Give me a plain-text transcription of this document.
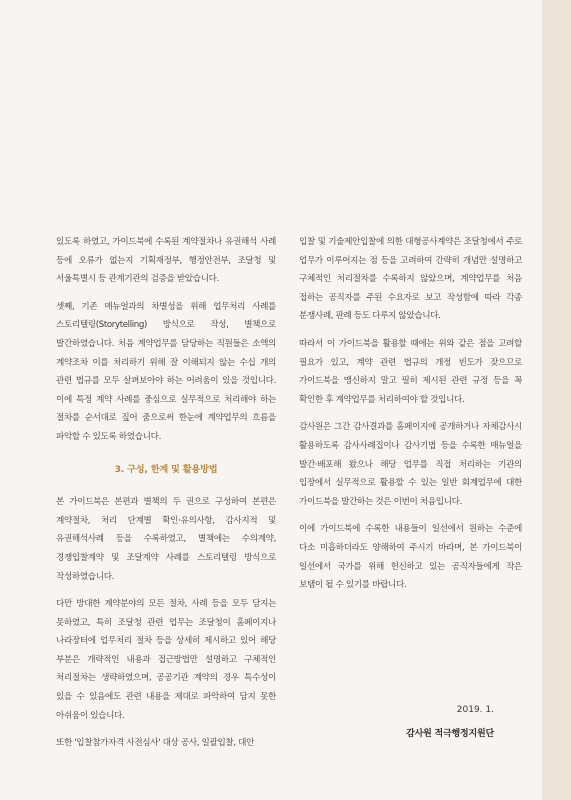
있도록 하였고, 가이드북에 수록된 계약절차나 유권해석 사례 등에 오류가 없는지 기획재정부, 행정안전부, 조달청 및 서울특별시 등 관계기관의 검증을 받았습니다.

셋째, 기존 매뉴얼과의 차별성을 위해 업무처리 사례를 스토리텔링(Storytelling) 방식으로 작성, 별책으로 발간하였습니다. 처음 계약업무를 담당하는 직원들은 소액의 계약조차 이를 처리하기 위해 잘 이해되지 않는 수십 개의 관련 법규를 모두 살펴보아야 하는 어려움이 있을 것입니다. 이에 특정 계약 사례를 중심으로 실무적으로 처리해야 하는 절차를 순서대로 짚어 줌으로써 한눈에 계약업무의 흐름을 파악할 수 있도록 하였습니다.

3. 구성, 한계 및 활용방법

본 가이드북은 본편과 별책의 두 권으로 구성하여 본편은 계약절차, 처리 단계별 확인·유의사항, 감사지적 및 유권해석사례 등을 수록하였고, 별책에는 수의계약, 경쟁입찰계약 및 조달계약 사례를 스토리텔링 방식으로 작성하였습니다.

다만 방대한 계약분야의 모든 절차, 사례 등을 모두 담지는 못하였고, 특히 조달청 관련 업무는 조달청이 홈페이지나 나라장터에 업무처리 절차 등을 상세히 제시하고 있어 해당 부분은 개략적인 내용과 접근방법만 설명하고 구체적인 처리절차는 생략하였으며, 공공기관 계약의 경우 특수성이 있을 수 있음에도 관련 내용을 제대로 파악하여 담지 못한 아쉬움이 있습니다.

또한 '입찰참가자격 사전심사' 대상 공사, 일괄입찰, 대안

입찰 및 기술제안입찰에 의한 대형공사계약은 조달청에서 주로 업무가 이루어지는 점 등을 고려하여 간략히 개념만 설명하고 구체적인 처리절차를 수록하지 않았으며, 계약업무를 처음 접하는 공직자를 주된 수요자로 보고 작성함에 따라 각종 분쟁사례, 판례 등도 다루지 않았습니다.

따라서 이 가이드북을 활용할 때에는 위와 같은 점을 고려할 필요가 있고, 계약 관련 법규의 개정 빈도가 잦으므로 가이드북을 맹신하지 말고 필히 제시된 관련 규정 등을 꼭 확인한 후 계약업무를 처리하여야 할 것입니다.

감사원은 그간 감사결과를 홈페이지에 공개하거나 자체감사시 활용하도록 감사사례집이나 감사기법 등을 수록한 매뉴얼을 발간·배포해 왔으나 해당 업무를 직접 처리하는 기관의 입장에서 실무적으로 활용할 수 있는 일반 회계업무에 대한 가이드북을 발간하는 것은 이번이 처음입니다.

이에 가이드북에 수록한 내용들이 일선에서 원하는 수준에 다소 미흡하더라도 양해하여 주시기 바라며, 본 가이드북이 일선에서 국가를 위해 헌신하고 있는 공직자들에게 작은 보탬이 될 수 있기를 바랍니다.

2019. 1.
감사원 적극행정지원단
